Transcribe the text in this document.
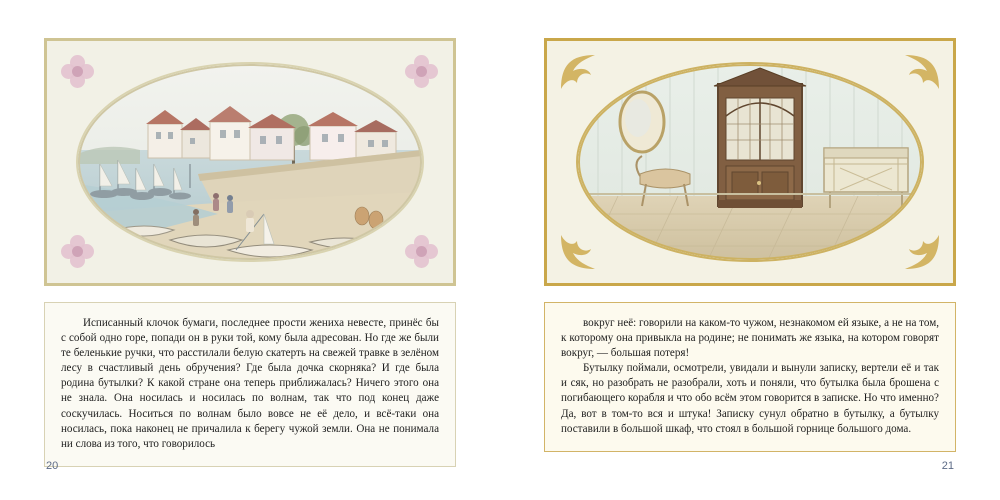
Исписанный клочок бумаги, последнее прости жениха невесте, принёс бы с собой одно горе, попади он в руки той, кому была адресован. Но где же были те беленькие ручки, что расстилали белую скатерть на свежей травке в зелёном лесу в счастливый день обручения? Где была дочка скорняка? И где была родина бутылки? К какой стране она теперь приближалась? Ничего этого она не знала. Она носилась и носилась по волнам, так что под конец даже соскучилась. Носиться по волнам было вовсе не её дело, и всё-таки она носилась, пока наконец не причалила к берегу чужой земли. Она не понимала ни слова из того, что говорилось

20

вокруг неё: говорили на каком-то чужом, незнакомом ей языке, а не на том, к которому она привыкла на родине; не понимать же языка, на котором говорят вокруг, — большая потеря!

Бутылку поймали, осмотрели, увидали и вынули записку, вертели её и так и сяк, но разобрать не разобрали, хоть и поняли, что бутылка была брошена с погибающего корабля и что обо всём этом говорится в записке. Но что именно? Да, вот в том-то вся и штука! Записку сунул обратно в бутылку, а бутылку поставили в большой шкаф, что стоял в большой горнице большого дома.

21
